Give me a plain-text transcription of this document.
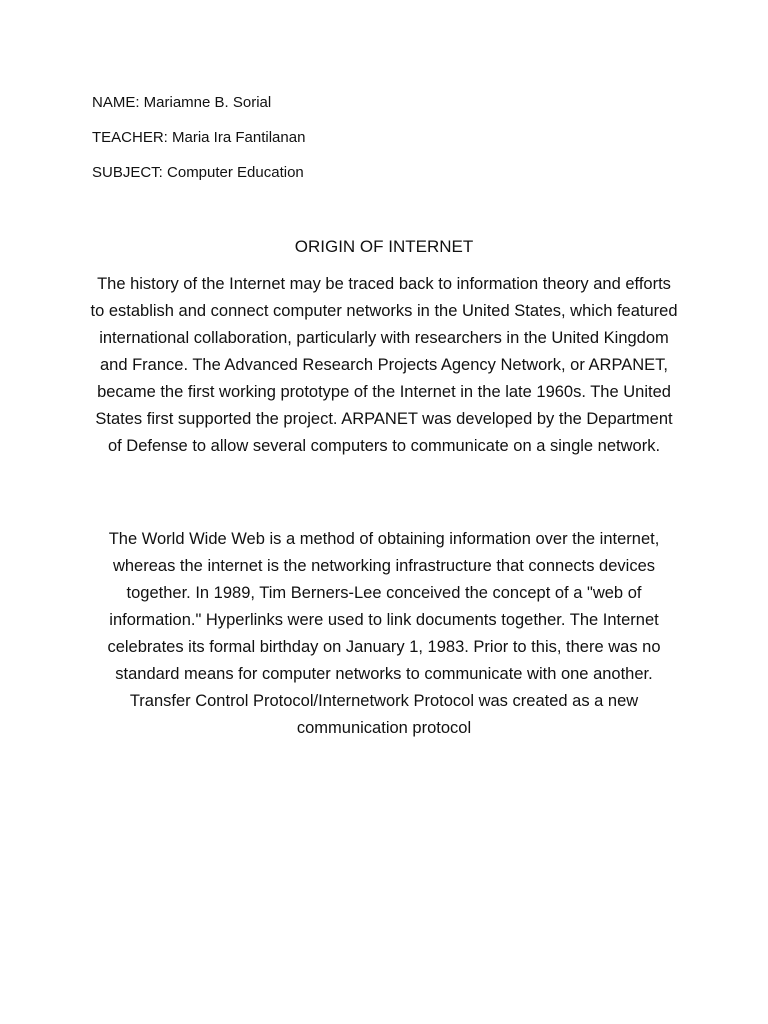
NAME: Mariamne B. Sorial

TEACHER: Maria Ira Fantilanan

SUBJECT: Computer Education

ORIGIN OF INTERNET

The history of the Internet may be traced back to information theory and efforts to establish and connect computer networks in the United States, which featured international collaboration, particularly with researchers in the United Kingdom and France. The Advanced Research Projects Agency Network, or ARPANET, became the first working prototype of the Internet in the late 1960s. The United States first supported the project. ARPANET was developed by the Department of Defense to allow several computers to communicate on a single network.

The World Wide Web is a method of obtaining information over the internet, whereas the internet is the networking infrastructure that connects devices together. In 1989, Tim Berners-Lee conceived the concept of a "web of information." Hyperlinks were used to link documents together. The Internet celebrates its formal birthday on January 1, 1983. Prior to this, there was no standard means for computer networks to communicate with one another. Transfer Control Protocol/Internetwork Protocol was created as a new communication protocol
